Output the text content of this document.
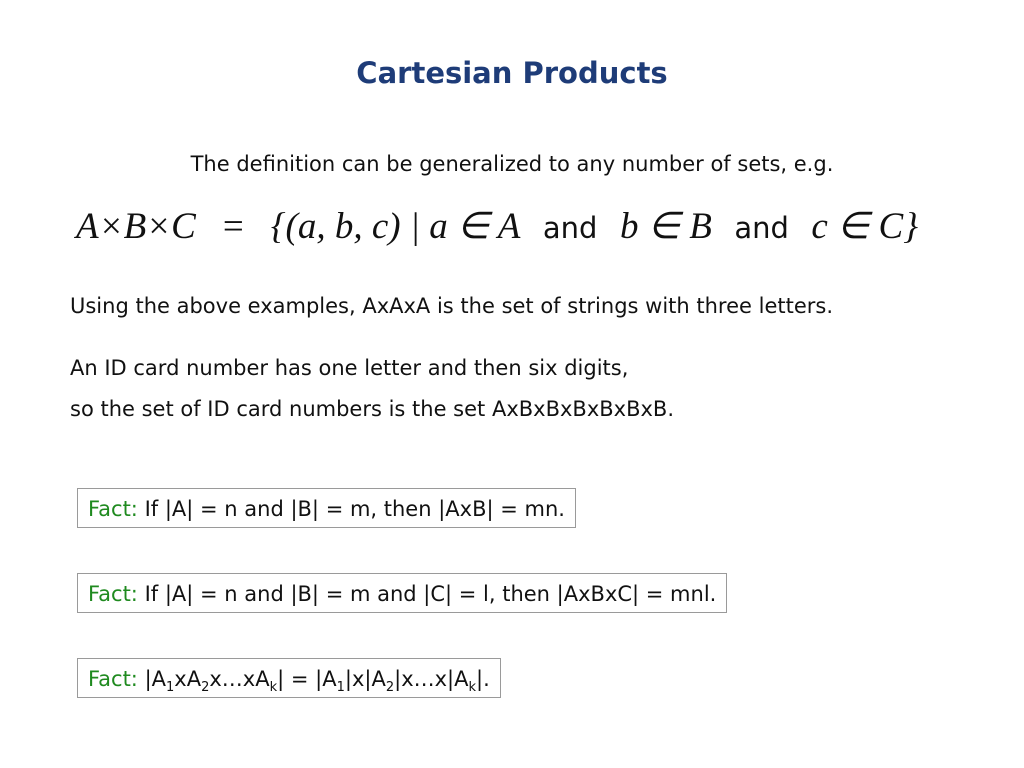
Cartesian Products
The definition can be generalized to any number of sets, e.g.
A×B×C = {(a, b, c) | a ∈ A and b ∈ B and c ∈ C}
Using the above examples, AxAxA is the set of strings with three letters.
An ID card number has one letter and then six digits,
so the set of ID card numbers is the set AxBxBxBxBxBxB.
Fact: If |A| = n and |B| = m, then |AxB| = mn.
Fact: If |A| = n and |B| = m and |C| = l, then |AxBxC| = mnl.
Fact: $|A_1xA_2x\dots xA_k|$ = $|A_1|x|A_2|x\dots x|A_k|$.
